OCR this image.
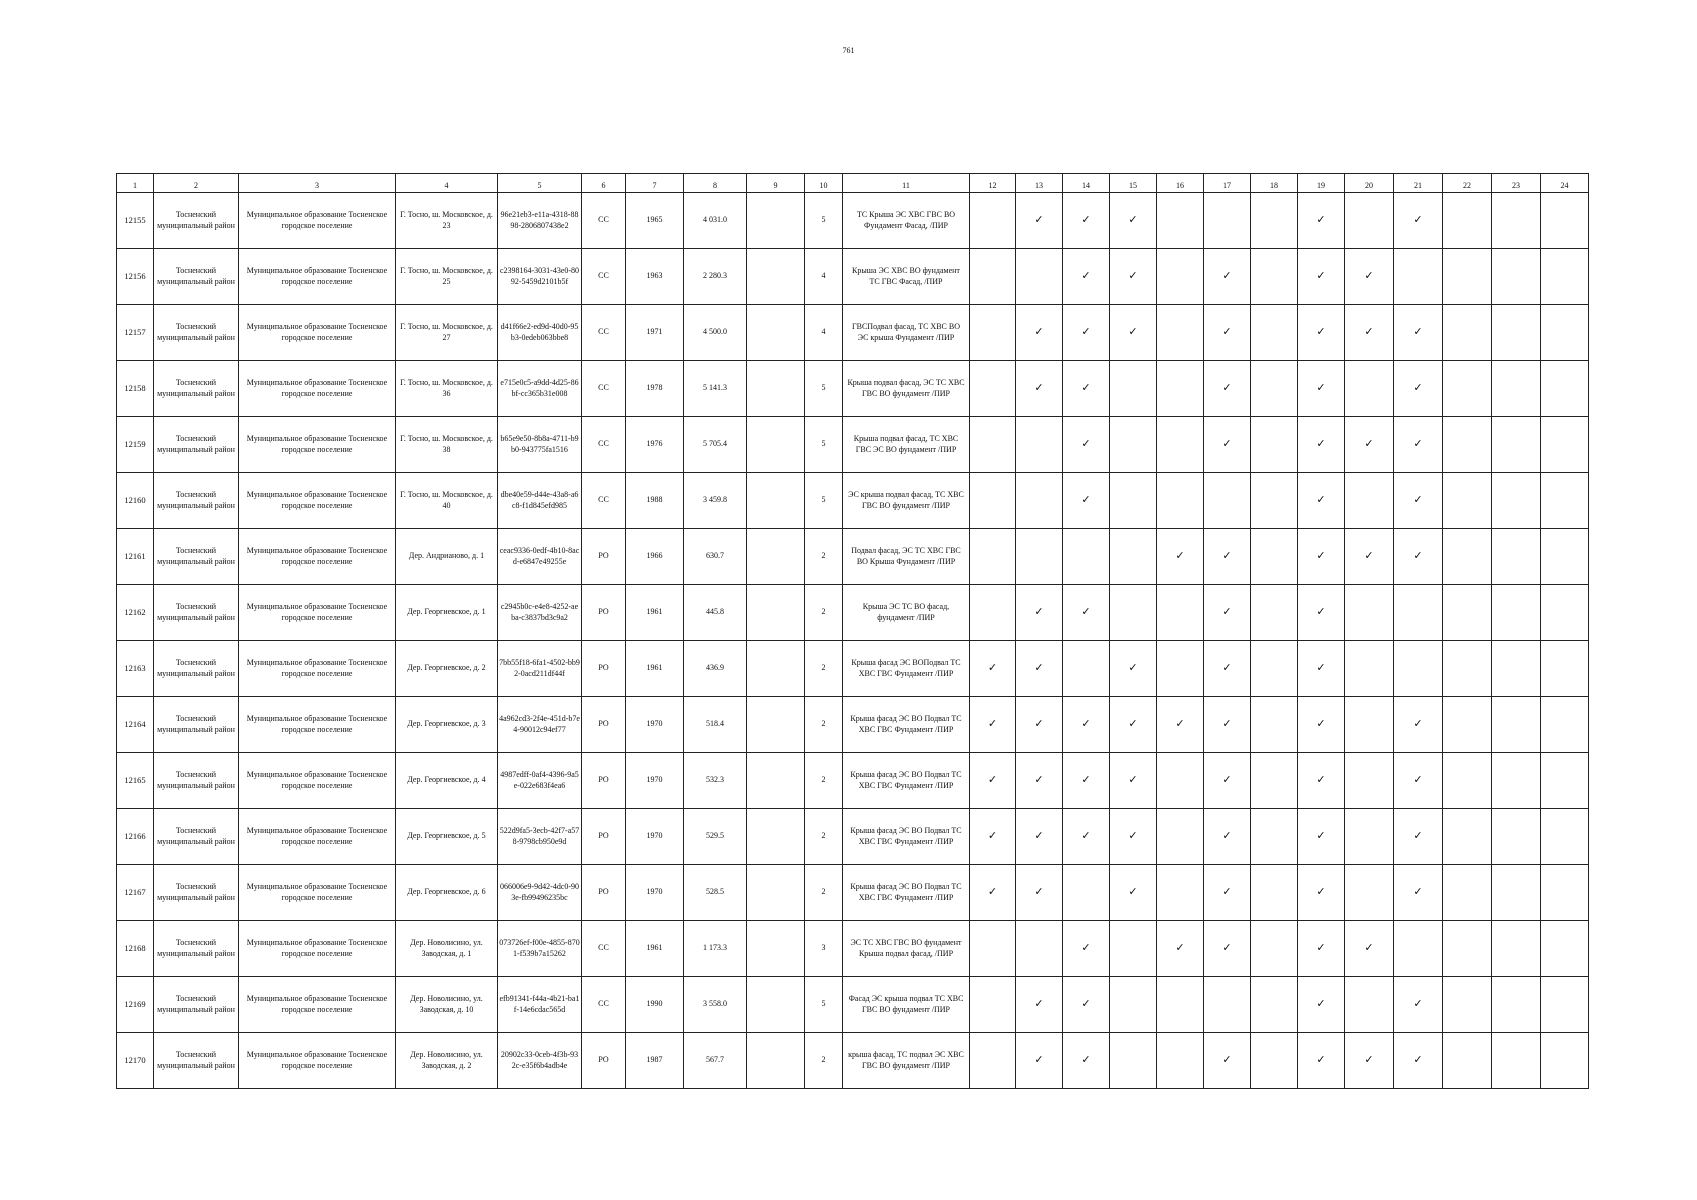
761
1	2	3	4	5	6	7	8	9	10	11	12	13	14	15	16	17	18	19	20	21	22	23	24
12155	Тосненский муниципальный район	Муниципальное образование Тосненское городское поселение	Г. Тосно, ш. Московское, д. 23	96e21eb3-e11a-4318-8898-2806807438e2	СС	1965	4 031.0		5	ТС Крыша ЭС ХВС ГВС ВО Фундамент Фасад, /ПИР		✓	✓	✓				✓		✓			
12156	Тосненский муниципальный район	Муниципальное образование Тосненское городское поселение	Г. Тосно, ш. Московское, д. 25	c2398164-3031-43e0-8092-5459d2101b5f	СС	1963	2 280.3		4	Крыша ЭС ХВС ВО фундамент ТС ГВС Фасад, /ПИР			✓	✓		✓		✓	✓				
12157	Тосненский муниципальный район	Муниципальное образование Тосненское городское поселение	Г. Тосно, ш. Московское, д. 27	d41f66e2-ed9d-40d0-95b3-0edeb063bbe8	СС	1971	4 500.0		4	ГВСПодвал фасад, ТС ХВС ВО ЭС крыша Фундамент /ПИР		✓	✓	✓		✓		✓	✓	✓			
12158	Тосненский муниципальный район	Муниципальное образование Тосненское городское поселение	Г. Тосно, ш. Московское, д. 36	e715e0c5-a9dd-4d25-86bf-cc365b31e008	СС	1978	5 141.3		5	Крыша подвал фасад, ЭС ТС ХВС ГВС ВО фундамент /ПИР		✓	✓			✓		✓		✓			
12159	Тосненский муниципальный район	Муниципальное образование Тосненское городское поселение	Г. Тосно, ш. Московское, д. 38	b65e9e50-8b8a-4711-b9b0-943775fa1516	СС	1976	5 705.4		5	Крыша подвал фасад, ТС ХВС ГВС ЭС ВО фундамент /ПИР			✓			✓		✓	✓	✓			
12160	Тосненский муниципальный район	Муниципальное образование Тосненское городское поселение	Г. Тосно, ш. Московское, д. 40	dbe40e59-d44e-43a8-a6c8-f1d845efd985	СС	1988	3 459.8		5	ЭС крыша подвал фасад, ТС ХВС ГВС ВО фундамент /ПИР			✓					✓		✓			
12161	Тосненский муниципальный район	Муниципальное образование Тосненское городское поселение	Дер. Андрианово, д. 1	ceac9336-0edf-4b10-8acd-e6847e49255e	РО	1966	630.7		2	Подвал фасад, ЭС ТС ХВС ГВС ВО Крыша Фундамент /ПИР					✓	✓		✓	✓	✓			
12162	Тосненский муниципальный район	Муниципальное образование Тосненское городское поселение	Дер. Георгиевское, д. 1	c2945b0c-e4e8-4252-aeba-c3837bd3c9a2	РО	1961	445.8		2	Крыша ЭС ТС ВО фасад, фундамент /ПИР		✓	✓			✓		✓					
12163	Тосненский муниципальный район	Муниципальное образование Тосненское городское поселение	Дер. Георгиевское, д. 2	7bb55f18-6fa1-4502-bb92-0acd211df44f	РО	1961	436.9		2	Крыша фасад ЭС ВОПодвал ТС ХВС ГВС Фундамент /ПИР	✓	✓		✓		✓		✓					
12164	Тосненский муниципальный район	Муниципальное образование Тосненское городское поселение	Дер. Георгиевское, д. 3	4a962cd3-2f4e-451d-b7e4-90012c94ef77	РО	1970	518.4		2	Крыша фасад ЭС ВО Подвал ТС ХВС ГВС Фундамент /ПИР	✓	✓	✓	✓	✓	✓		✓		✓			
12165	Тосненский муниципальный район	Муниципальное образование Тосненское городское поселение	Дер. Георгиевское, д. 4	4987edff-0af4-4396-9a5e-022e683f4ea6	РО	1970	532.3		2	Крыша фасад ЭС ВО Подвал ТС ХВС ГВС Фундамент /ПИР	✓	✓	✓	✓		✓		✓		✓			
12166	Тосненский муниципальный район	Муниципальное образование Тосненское городское поселение	Дер. Георгиевское, д. 5	522d9fa5-3ecb-42f7-a578-9798cb950e9d	РО	1970	529.5		2	Крыша фасад ЭС ВО Подвал ТС ХВС ГВС Фундамент /ПИР	✓	✓	✓	✓		✓		✓		✓			
12167	Тосненский муниципальный район	Муниципальное образование Тосненское городское поселение	Дер. Георгиевское, д. 6	066006e9-9d42-4dc0-903e-fb99496235bc	РО	1970	528.5		2	Крыша фасад ЭС ВО Подвал ТС ХВС ГВС Фундамент /ПИР	✓	✓		✓		✓		✓		✓			
12168	Тосненский муниципальный район	Муниципальное образование Тосненское городское поселение	Дер. Новолисино, ул. Заводская, д. 1	073726ef-f00e-4855-8701-f539b7a15262	СС	1961	1 173.3		3	ЭС ТС ХВС ГВС ВО фундамент Крыша подвал фасад, /ПИР			✓		✓	✓		✓	✓				
12169	Тосненский муниципальный район	Муниципальное образование Тосненское городское поселение	Дер. Новолисино, ул. Заводская, д. 10	efb91341-f44a-4b21-ba1f-14e6cdac565d	СС	1990	3 558.0		5	Фасад ЭС крыша подвал ТС ХВС ГВС ВО фундамент /ПИР		✓	✓					✓		✓			
12170	Тосненский муниципальный район	Муниципальное образование Тосненское городское поселение	Дер. Новолисино, ул. Заводская, д. 2	20902c33-0ceb-4f3b-932c-e35f6b4adb4e	РО	1987	567.7		2	крыша фасад, ТС подвал ЭС ХВС ГВС ВО фундамент /ПИР		✓	✓			✓		✓	✓	✓			
